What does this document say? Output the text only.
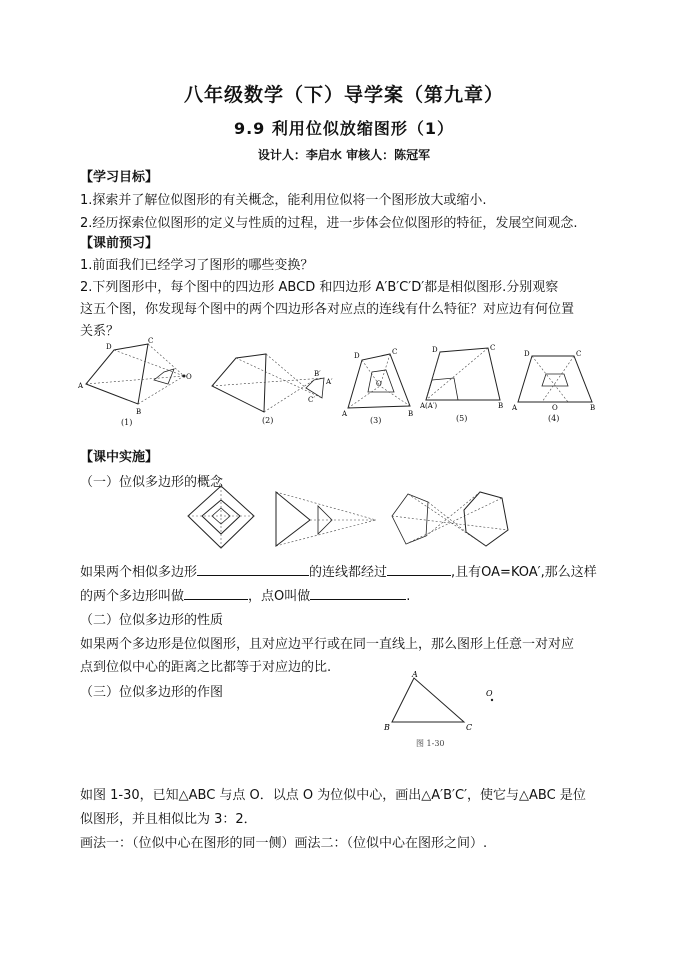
八年级数学（下）导学案（第九章）
9.9 利用位似放缩图形（1）
设计人：李启水 审核人：陈冠军
【学习目标】
1.探索并了解位似图形的有关概念，能利用位似将一个图形放大或缩小.
2.经历探索位似图形的定义与性质的过程，进一步体会位似图形的特征，发展空间观念.
【课前预习】
1.前面我们已经学习了图形的哪些变换？
2.下列图形中，每个图中的四边形 ABCD 和四边形 A′B′C′D′都是相似图形.分别观察
这五个图，你发现每个图中的两个四边形各对应点的连线有什么特征？对应边有何位置
关系？
A
D
C
B
O
(1)
B′
A′
C′
(2)
A
D	C
B
O
(3)
D	C
A(A′)	B
(5)
D	C
A	B
O
(4)
【课中实施】
（一）位似多边形的概念
如果两个相似多边形	的连线都经过	,且有OA=KOA′,那么这样
的两个多边形叫做	，点O叫做	.
（二）位似多边形的性质
如果两个多边形是位似图形，且对应边平行或在同一直线上，那么图形上任意一对对应
点到位似中心的距离之比都等于对应边的比.
（三）位似多边形的作图
A
B	C
O
图 1-30
如图 1-30，已知△ABC 与点 O．以点 O 为位似中心，画出△A′B′C′，使它与△ABC 是位
似图形，并且相似比为 3：2．
画法一：（位似中心在图形的同一侧）画法二：（位似中心在图形之间）.
